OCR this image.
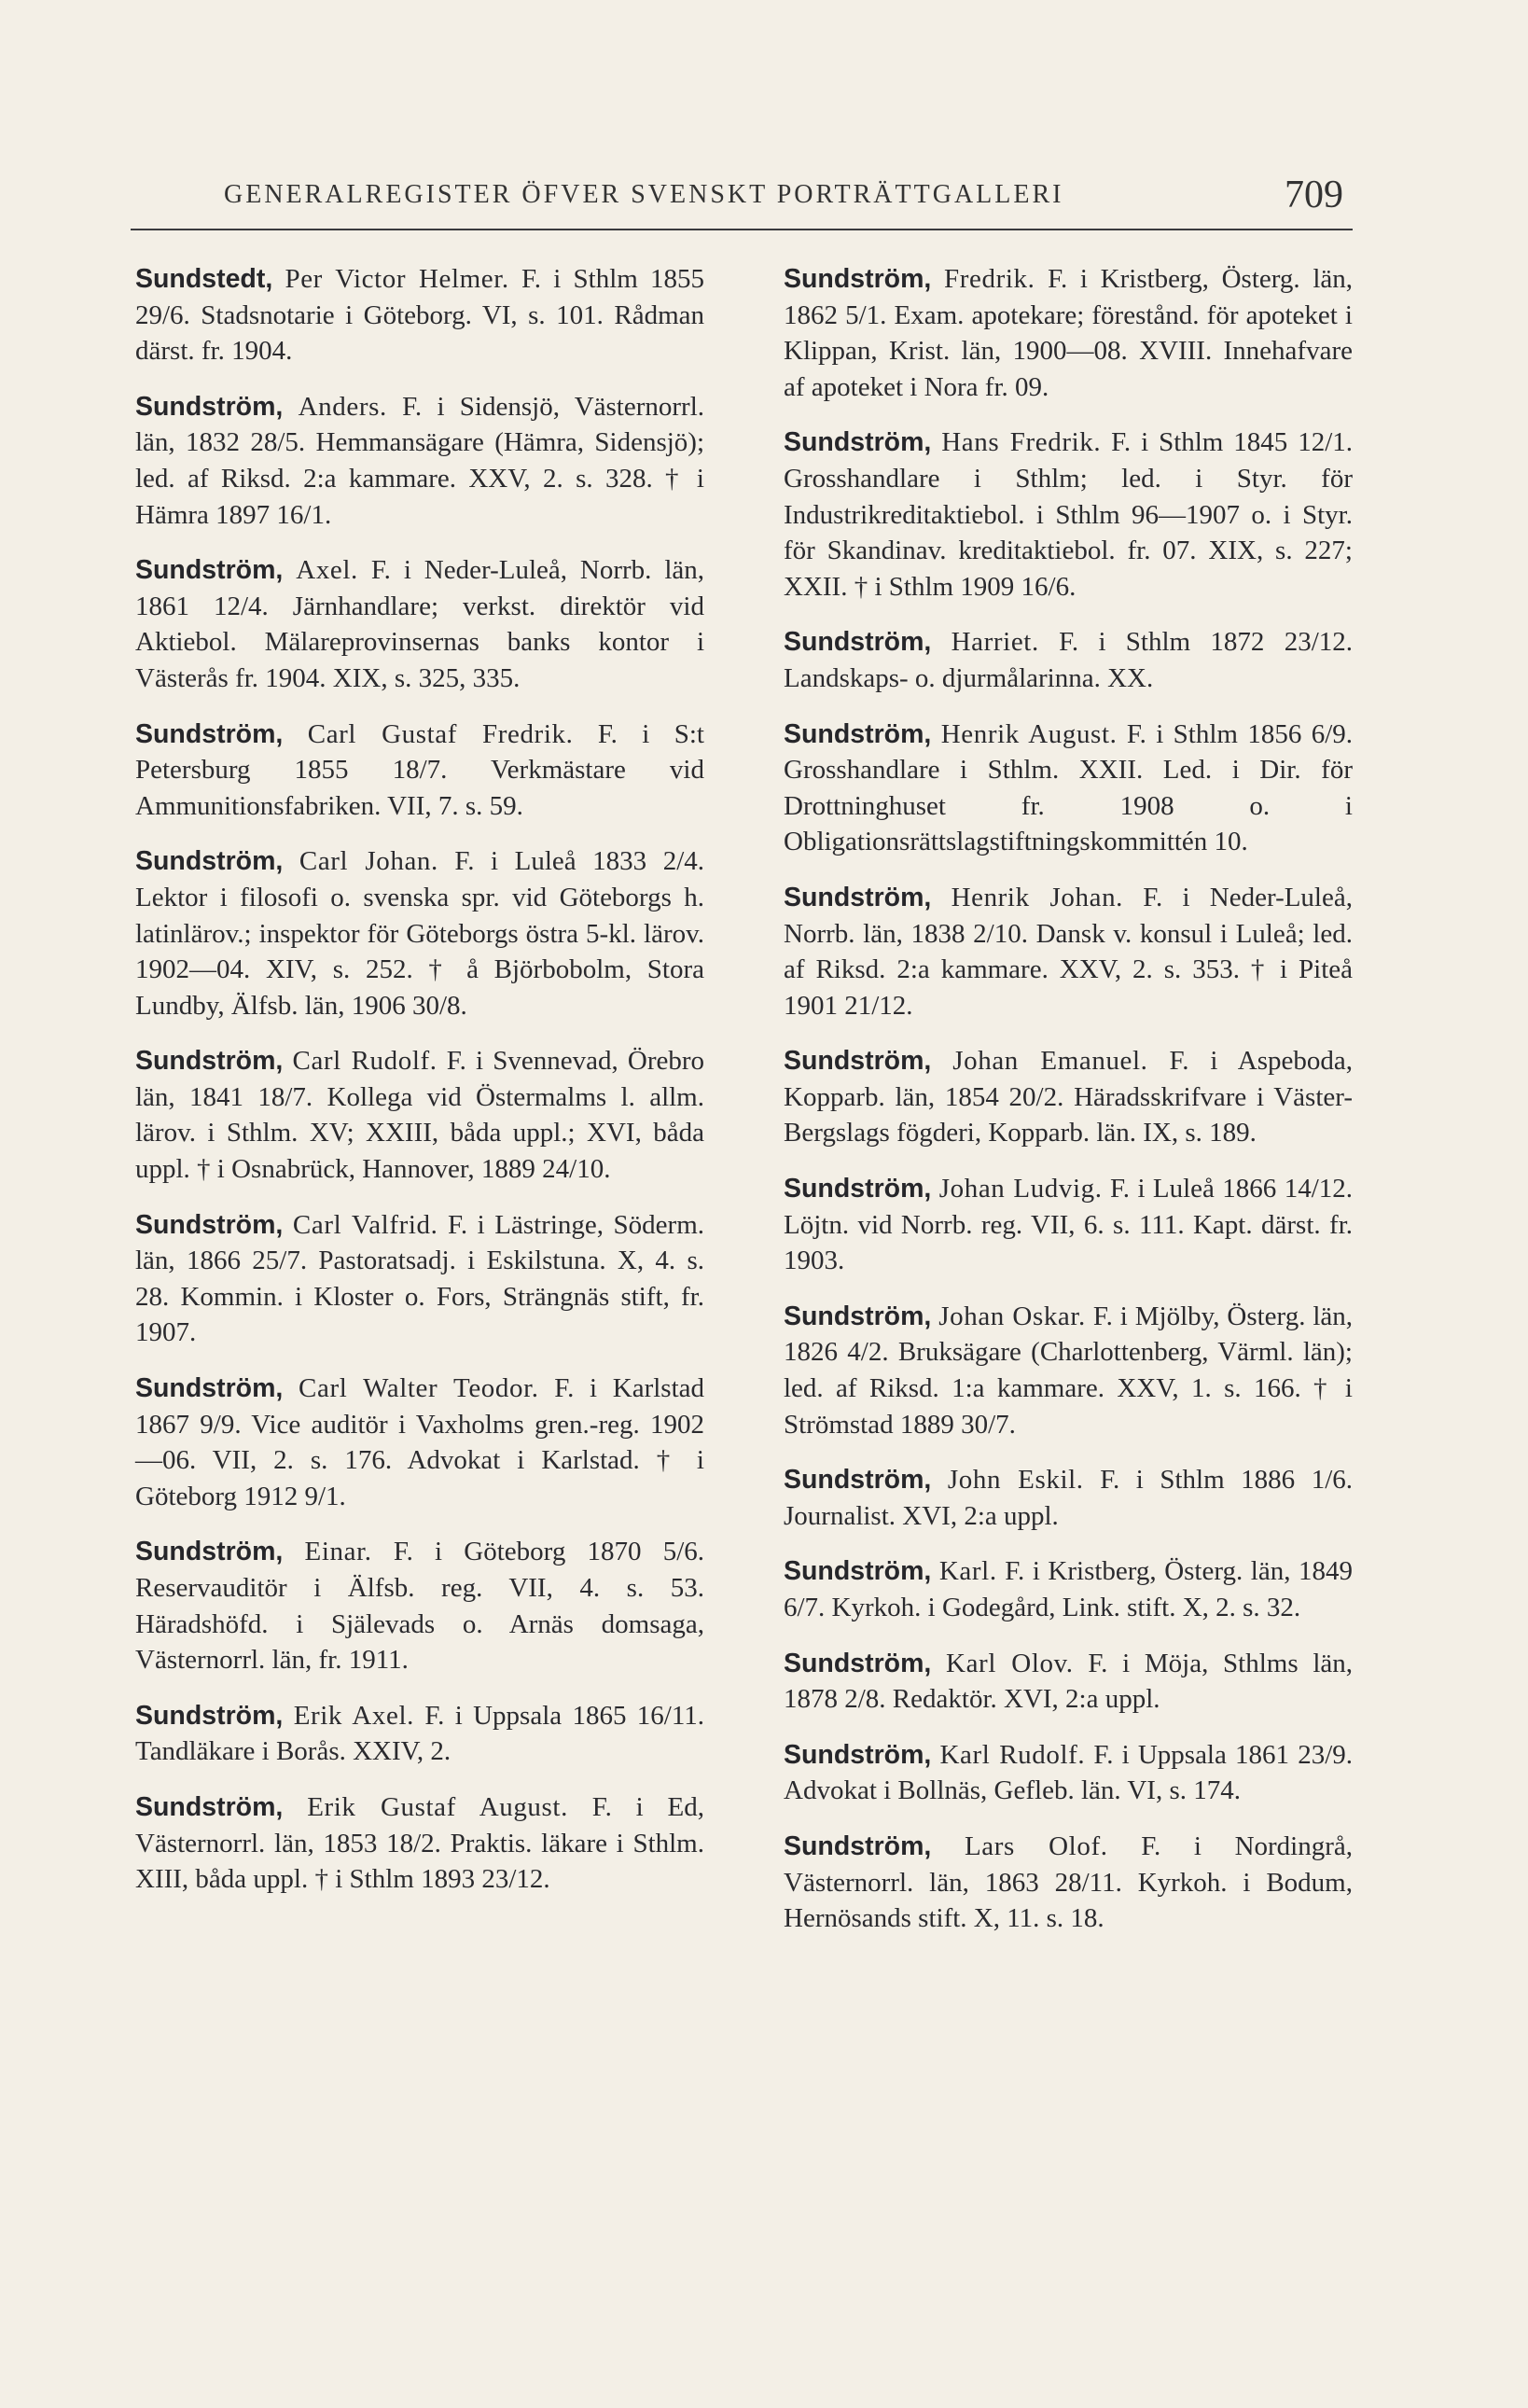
GENERALREGISTER ÖFVER SVENSKT PORTRÄTTGALLERI	709

Sundstedt, Per Victor Helmer. F. i Sthlm 1855 29/6. Stadsnotarie i Göteborg. VI, s. 101. Rådman därst. fr. 1904.

Sundström, Anders. F. i Sidensjö, Västernorrl. län, 1832 28/5. Hemmansägare (Hämra, Sidensjö); led. af Riksd. 2:a kammare. XXV, 2. s. 328. † i Hämra 1897 16/1.

Sundström, Axel. F. i Neder-Luleå, Norrb. län, 1861 12/4. Järnhandlare; verkst. direktör vid Aktiebol. Mälareprovinsernas banks kontor i Västerås fr. 1904. XIX, s. 325, 335.

Sundström, Carl Gustaf Fredrik. F. i S:t Petersburg 1855 18/7. Verkmästare vid Ammunitionsfabriken. VII, 7. s. 59.

Sundström, Carl Johan. F. i Luleå 1833 2/4. Lektor i filosofi o. svenska spr. vid Göteborgs h. latinlärov.; inspektor för Göteborgs östra 5-kl. lärov. 1902—04. XIV, s. 252. † å Björbobolm, Stora Lundby, Älfsb. län, 1906 30/8.

Sundström, Carl Rudolf. F. i Svennevad, Örebro län, 1841 18/7. Kollega vid Östermalms l. allm. lärov. i Sthlm. XV; XXIII, båda uppl.; XVI, båda uppl. † i Osnabrück, Hannover, 1889 24/10.

Sundström, Carl Valfrid. F. i Lästringe, Söderm. län, 1866 25/7. Pastoratsadj. i Eskilstuna. X, 4. s. 28. Kommin. i Kloster o. Fors, Strängnäs stift, fr. 1907.

Sundström, Carl Walter Teodor. F. i Karlstad 1867 9/9. Vice auditör i Vaxholms gren.-reg. 1902—06. VII, 2. s. 176. Advokat i Karlstad. † i Göteborg 1912 9/1.

Sundström, Einar. F. i Göteborg 1870 5/6. Reservauditör i Älfsb. reg. VII, 4. s. 53. Häradshöfd. i Själevads o. Arnäs domsaga, Västernorrl. län, fr. 1911.

Sundström, Erik Axel. F. i Uppsala 1865 16/11. Tandläkare i Borås. XXIV, 2.

Sundström, Erik Gustaf August. F. i Ed, Västernorrl. län, 1853 18/2. Praktis. läkare i Sthlm. XIII, båda uppl. † i Sthlm 1893 23/12.

Sundström, Fredrik. F. i Kristberg, Österg. län, 1862 5/1. Exam. apotekare; förestånd. för apoteket i Klippan, Krist. län, 1900—08. XVIII. Innehafvare af apoteket i Nora fr. 09.

Sundström, Hans Fredrik. F. i Sthlm 1845 12/1. Grosshandlare i Sthlm; led. i Styr. för Industrikreditaktiebol. i Sthlm 96—1907 o. i Styr. för Skandinav. kreditaktiebol. fr. 07. XIX, s. 227; XXII. † i Sthlm 1909 16/6.

Sundström, Harriet. F. i Sthlm 1872 23/12. Landskaps- o. djurmålarinna. XX.

Sundström, Henrik August. F. i Sthlm 1856 6/9. Grosshandlare i Sthlm. XXII. Led. i Dir. för Drottninghuset fr. 1908 o. i Obligationsrättslagstiftningskommittén 10.

Sundström, Henrik Johan. F. i Neder-Luleå, Norrb. län, 1838 2/10. Dansk v. konsul i Luleå; led. af Riksd. 2:a kammare. XXV, 2. s. 353. † i Piteå 1901 21/12.

Sundström, Johan Emanuel. F. i Aspeboda, Kopparb. län, 1854 20/2. Häradsskrifvare i Väster-Bergslags fögderi, Kopparb. län. IX, s. 189.

Sundström, Johan Ludvig. F. i Luleå 1866 14/12. Löjtn. vid Norrb. reg. VII, 6. s. 111. Kapt. därst. fr. 1903.

Sundström, Johan Oskar. F. i Mjölby, Österg. län, 1826 4/2. Bruksägare (Charlottenberg, Värml. län); led. af Riksd. 1:a kammare. XXV, 1. s. 166. † i Strömstad 1889 30/7.

Sundström, John Eskil. F. i Sthlm 1886 1/6. Journalist. XVI, 2:a uppl.

Sundström, Karl. F. i Kristberg, Österg. län, 1849 6/7. Kyrkoh. i Godegård, Link. stift. X, 2. s. 32.

Sundström, Karl Olov. F. i Möja, Sthlms län, 1878 2/8. Redaktör. XVI, 2:a uppl.

Sundström, Karl Rudolf. F. i Uppsala 1861 23/9. Advokat i Bollnäs, Gefleb. län. VI, s. 174.

Sundström, Lars Olof. F. i Nordingrå, Västernorrl. län, 1863 28/11. Kyrkoh. i Bodum, Hernösands stift. X, 11. s. 18.
